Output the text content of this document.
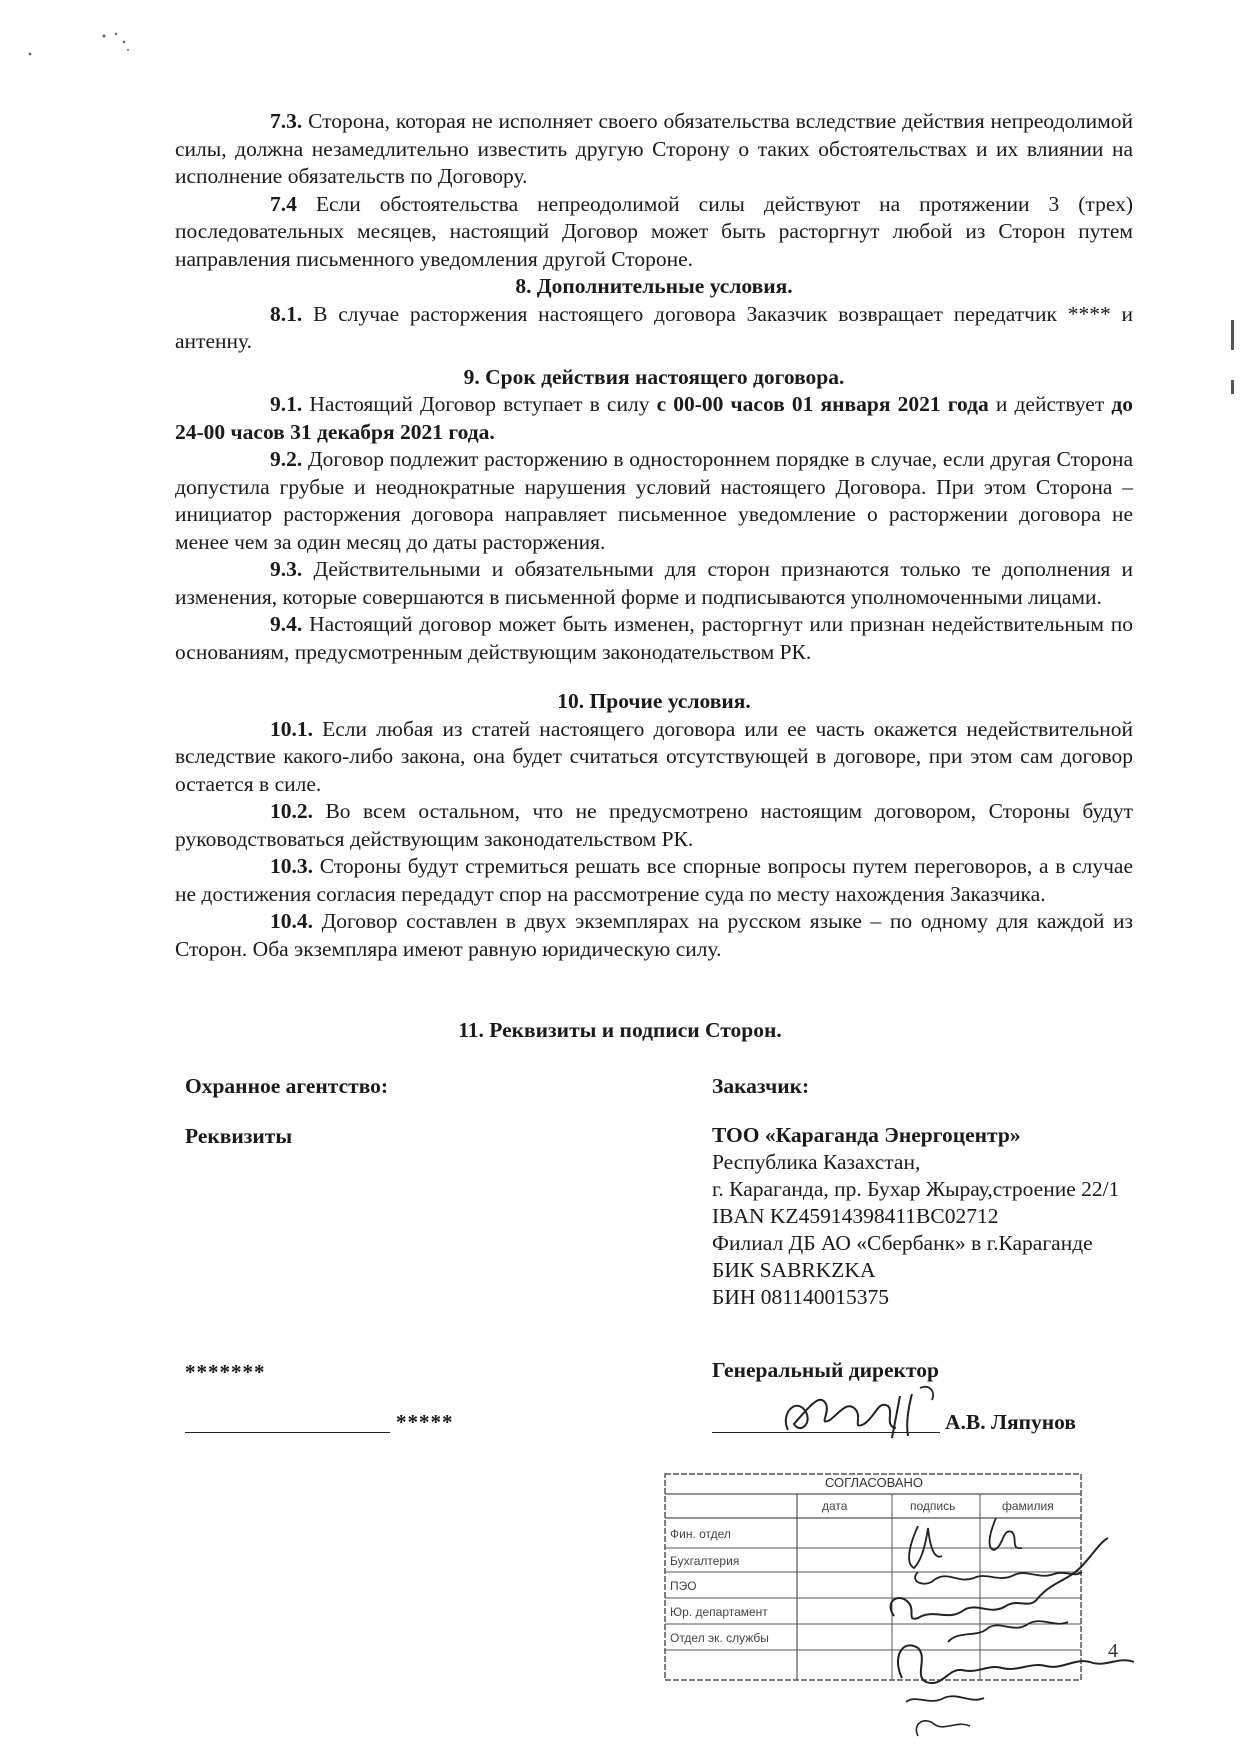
7.3. Сторона, которая не исполняет своего обязательства вследствие действия непреодолимой силы, должна незамедлительно известить другую Сторону о таких обстоятельствах и их влиянии на исполнение обязательств по Договору.

7.4 Если обстоятельства непреодолимой силы действуют на протяжении 3 (трех) последовательных месяцев, настоящий Договор может быть расторгнут любой из Сторон путем направления письменного уведомления другой Стороне.

8. Дополнительные условия.

8.1. В случае расторжения настоящего договора Заказчик возвращает передатчик **** и антенну.

9. Срок действия настоящего договора.

9.1. Настоящий Договор вступает в силу с 00-00 часов 01 января 2021 года и действует до 24-00 часов 31 декабря 2021 года.

9.2. Договор подлежит расторжению в одностороннем порядке в случае, если другая Сторона допустила грубые и неоднократные нарушения условий настоящего Договора. При этом Сторона – инициатор расторжения договора направляет письменное уведомление о расторжении договора не менее чем за один месяц до даты расторжения.

9.3. Действительными и обязательными для сторон признаются только те дополнения и изменения, которые совершаются в письменной форме и подписываются уполномоченными лицами.

9.4. Настоящий договор может быть изменен, расторгнут или признан недействительным по основаниям, предусмотренным действующим законодательством РК.

10. Прочие условия.

10.1. Если любая из статей настоящего договора или ее часть окажется недействительной вследствие какого-либо закона, она будет считаться отсутствующей в договоре, при этом сам договор остается в силе.

10.2. Во всем остальном, что не предусмотрено настоящим договором, Стороны будут руководствоваться действующим законодательством РК.

10.3. Стороны будут стремиться решать все спорные вопросы путем переговоров, а в случае не достижения согласия передадут спор на рассмотрение суда по месту нахождения Заказчика.

10.4. Договор составлен в двух экземплярах на русском языке – по одному для каждой из Сторон. Оба экземпляра имеют равную юридическую силу.

11. Реквизиты и подписи Сторон.
Охранное агентство:
Реквизиты
Заказчик:
ТОО «Караганда Энергоцентр»
Республика Казахстан,
г. Караганда, пр. Бухар Жырау,строение 22/1
IBAN KZ45914398411BC02712
Филиал ДБ АО «Сбербанк» в г.Караганде
БИК SABRKZKA
БИН 081140015375
*******
*****
Генеральный директор
А.В. Ляпунов
СОГЛАСОВАНО
дата	подпись	фамилия
Фин. отдел
Бухгалтерия
ПЭО
Юр. департамент
Отдел эк. службы
4
